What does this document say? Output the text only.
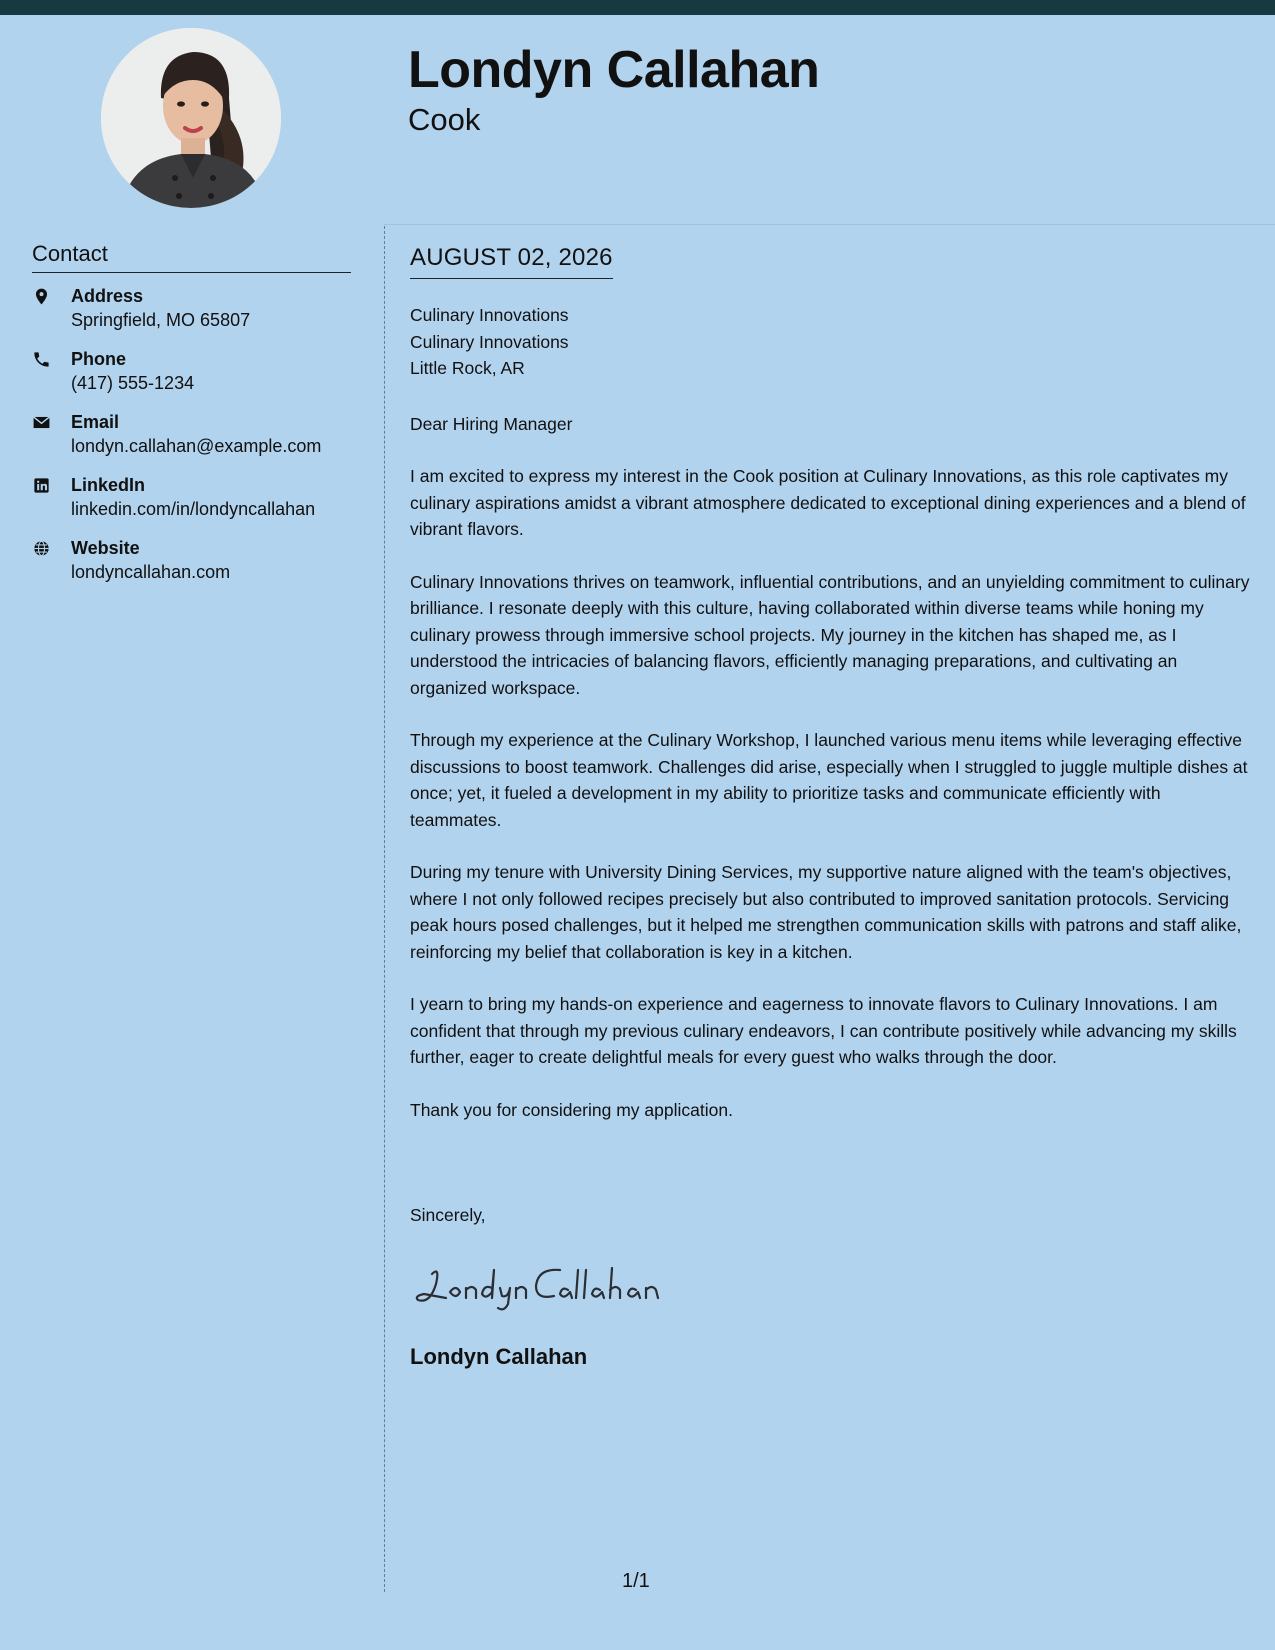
Londyn Callahan
Cook
Contact
Address
Springfield, MO 65807
Phone
(417) 555-1234
Email
londyn.callahan@example.com
LinkedIn
linkedin.com/in/londyncallahan
Website
londyncallahan.com
AUGUST 02, 2026

Culinary Innovations

Culinary Innovations

Little Rock, AR

Dear Hiring Manager

I am excited to express my interest in the Cook position at Culinary Innovations, as this role captivates my culinary aspirations amidst a vibrant atmosphere dedicated to exceptional dining experiences and a blend of vibrant flavors.

Culinary Innovations thrives on teamwork, influential contributions, and an unyielding commitment to culinary brilliance. I resonate deeply with this culture, having collaborated within diverse teams while honing my culinary prowess through immersive school projects. My journey in the kitchen has shaped me, as I understood the intricacies of balancing flavors, efficiently managing preparations, and cultivating an organized workspace.

Through my experience at the Culinary Workshop, I launched various menu items while leveraging effective discussions to boost teamwork. Challenges did arise, especially when I struggled to juggle multiple dishes at once; yet, it fueled a development in my ability to prioritize tasks and communicate efficiently with teammates.

During my tenure with University Dining Services, my supportive nature aligned with the team's objectives, where I not only followed recipes precisely but also contributed to improved sanitation protocols. Servicing peak hours posed challenges, but it helped me strengthen communication skills with patrons and staff alike, reinforcing my belief that collaboration is key in a kitchen.

I yearn to bring my hands-on experience and eagerness to innovate flavors to Culinary Innovations. I am confident that through my previous culinary endeavors, I can contribute positively while advancing my skills further, eager to create delightful meals for every guest who walks through the door.

Thank you for considering my application.

Sincerely,
Londyn Callahan
1/1
